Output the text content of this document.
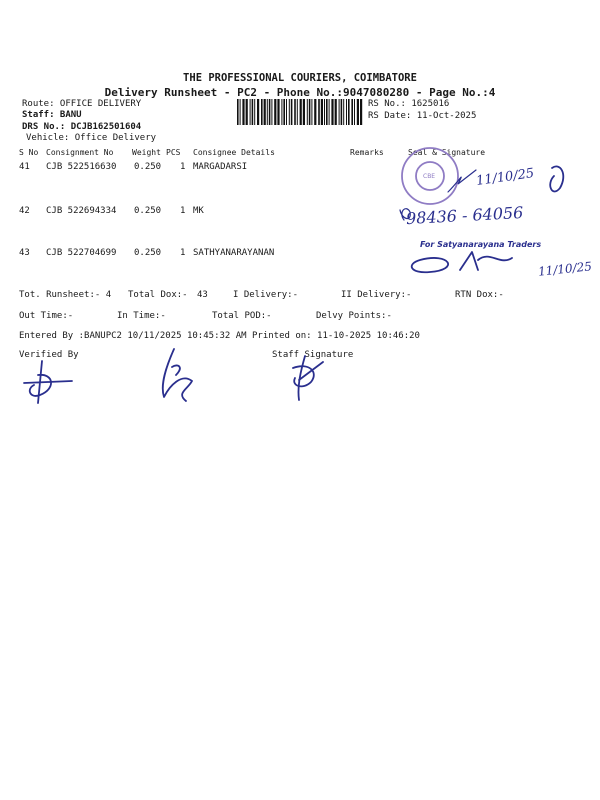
THE PROFESSIONAL COURIERS, COIMBATORE
Delivery Runsheet - PC2 - Phone No.:9047080280 - Page No.:4
Route: OFFICE DELIVERY
Staff: BANU
DRS No.: DCJB162501604
Vehicle: Office Delivery
RS No.: 1625016
RS Date: 11-Oct-2025
S No Consignment No Weight PCS Consignee Details	Remarks	Seal & Signature
41 CJB 522516630 0.250 1 MARGADARSI
42 CJB 522694334 0.250 1 MK
43 CJB 522704699 0.250 1 SATHYANARAYANAN
CBE	11/10/25
98436 - 64056
For Satyanarayana Traders
11/10/25
Tot. Runsheet:- 4 Total Dox:- 43	I Delivery:-	II Delivery:-	RTN Dox:-
Out Time:-	In Time:-	Total POD:-	Delvy Points:-
Entered By :BANUPC2 10/11/2025 10:45:32 AM Printed on: 11-10-2025 10:46:20
Verified By	Staff Signature
